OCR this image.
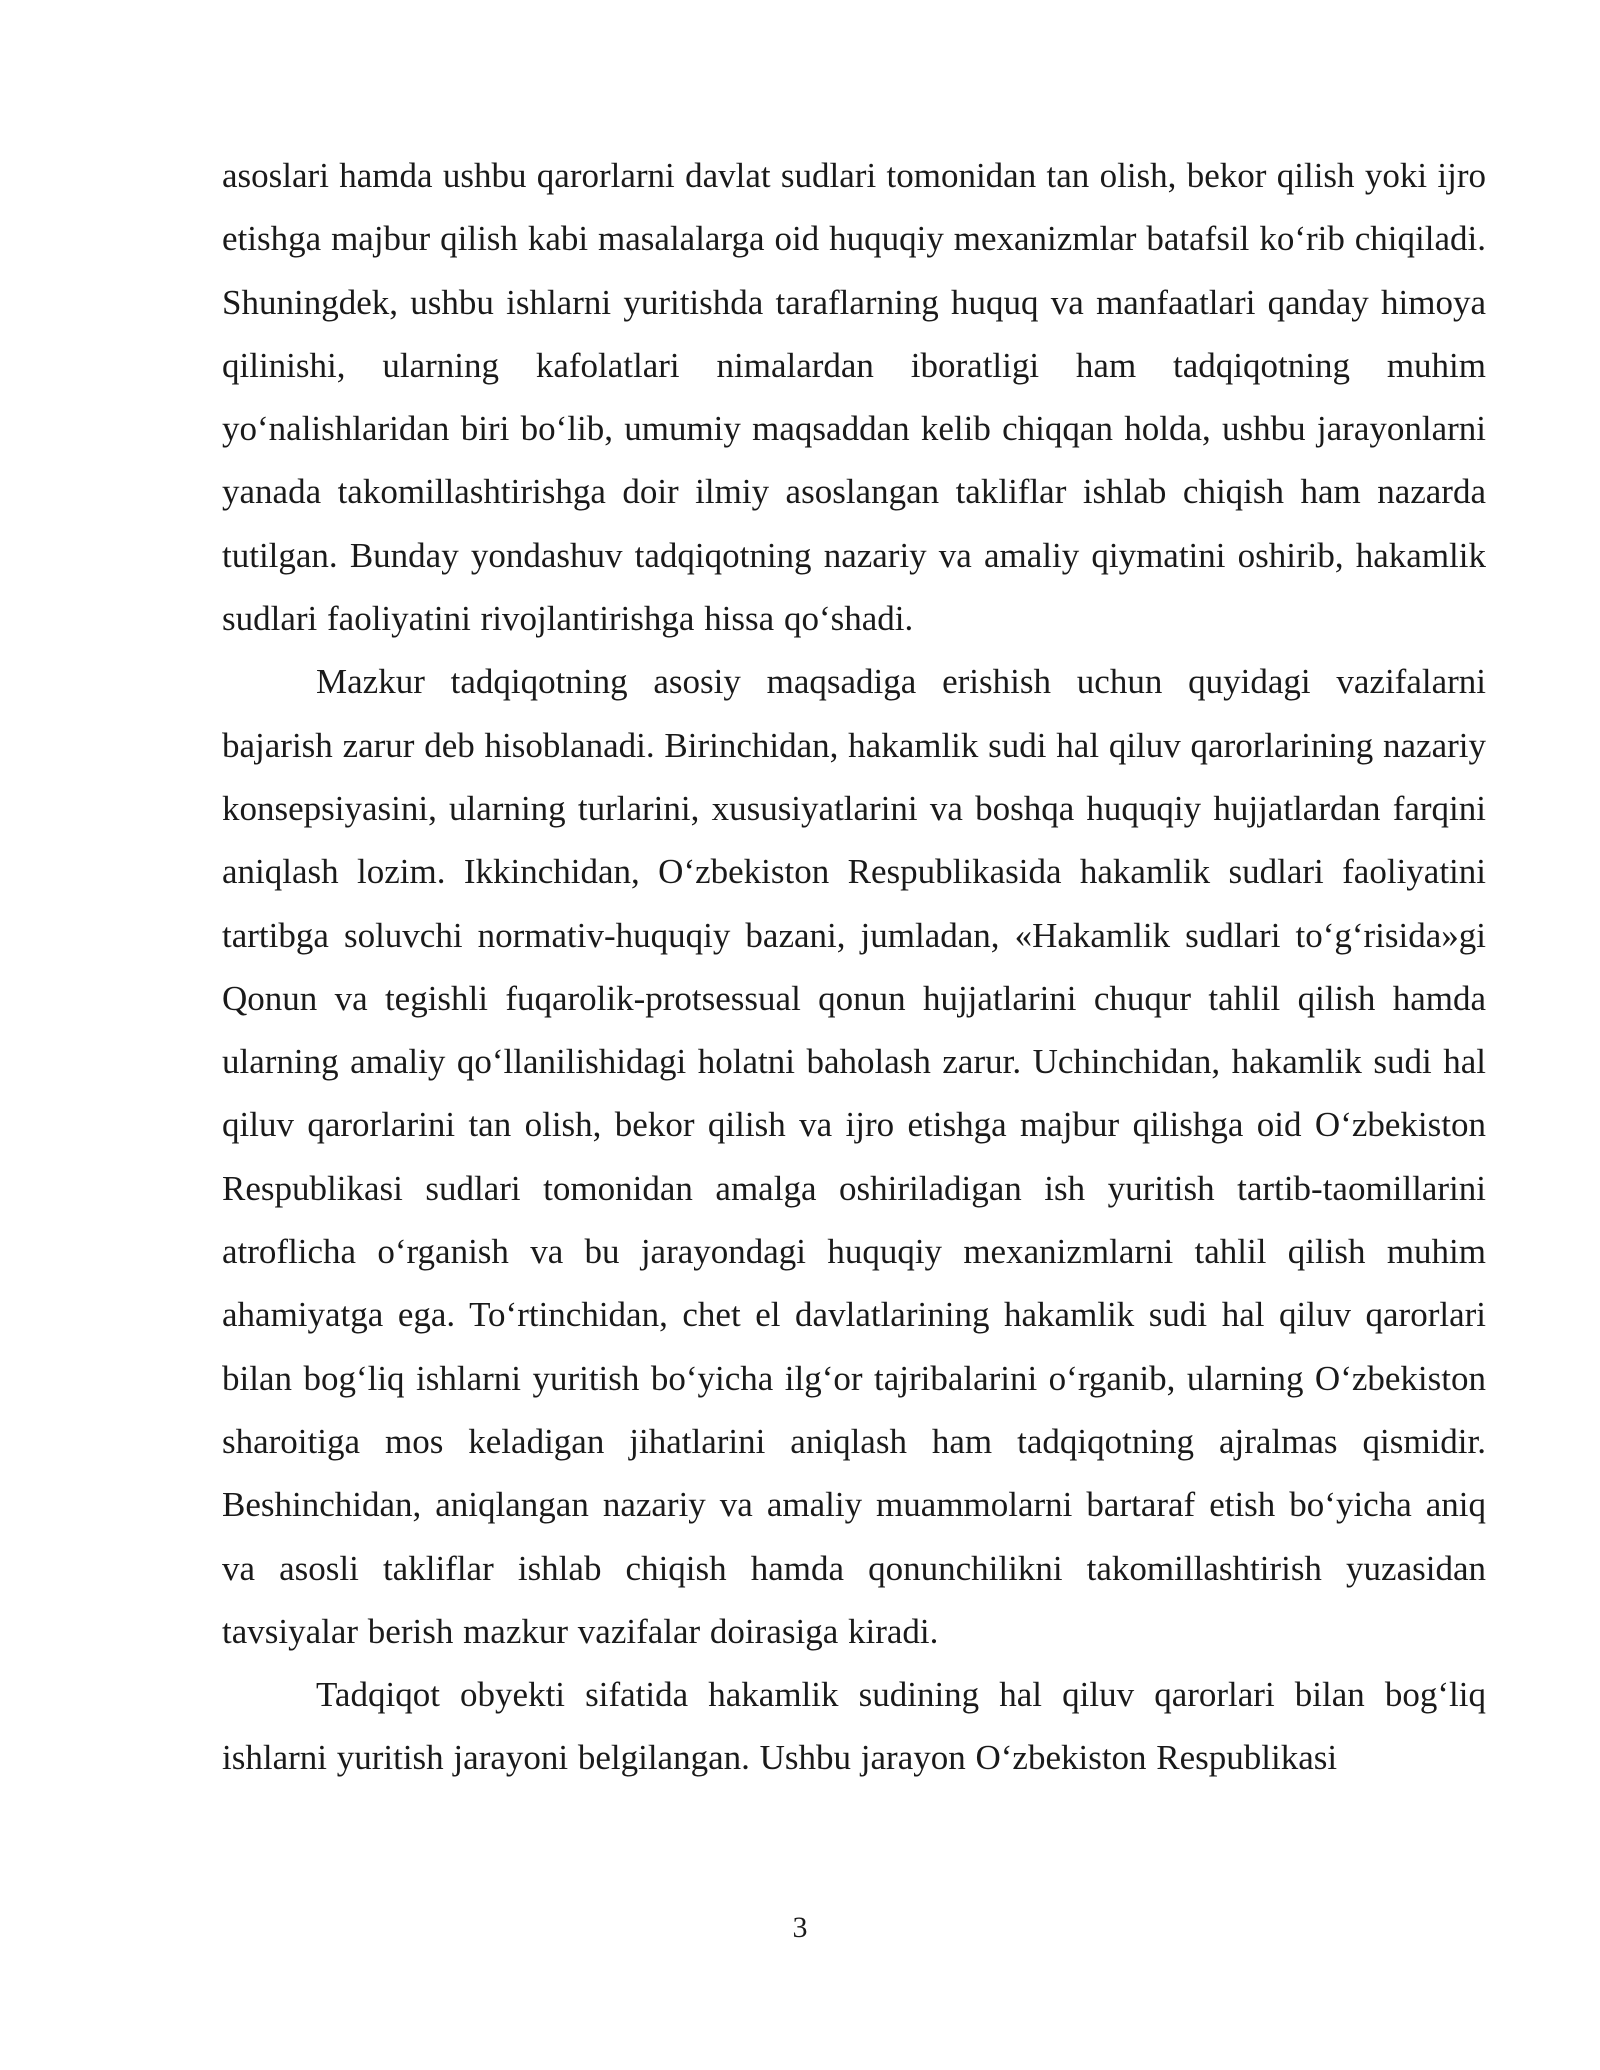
asoslari hamda ushbu qarorlarni davlat sudlari tomonidan tan olish, bekor qilish yoki ijro etishga majbur qilish kabi masalalarga oid huquqiy mexanizmlar batafsil ko‘rib chiqiladi. Shuningdek, ushbu ishlarni yuritishda taraflarning huquq va manfaatlari qanday himoya qilinishi, ularning kafolatlari nimalardan iboratligi ham tadqiqotning muhim yo‘nalishlaridan biri bo‘lib, umumiy maqsaddan kelib chiqqan holda, ushbu jarayonlarni yanada takomillashtirishga doir ilmiy asoslangan takliflar ishlab chiqish ham nazarda tutilgan. Bunday yondashuv tadqiqotning nazariy va amaliy qiymatini oshirib, hakamlik sudlari faoliyatini rivojlantirishga hissa qo‘shadi.

Mazkur tadqiqotning asosiy maqsadiga erishish uchun quyidagi vazifalarni bajarish zarur deb hisoblanadi. Birinchidan, hakamlik sudi hal qiluv qarorlarining nazariy konsepsiyasini, ularning turlarini, xususiyatlarini va boshqa huquqiy hujjatlardan farqini aniqlash lozim. Ikkinchidan, O‘zbekiston Respublikasida hakamlik sudlari faoliyatini tartibga soluvchi normativ-huquqiy bazani, jumladan, «Hakamlik sudlari to‘g‘risida»gi Qonun va tegishli fuqarolik-protsessual qonun hujjatlarini chuqur tahlil qilish hamda ularning amaliy qo‘llanilishidagi holatni baholash zarur. Uchinchidan, hakamlik sudi hal qiluv qarorlarini tan olish, bekor qilish va ijro etishga majbur qilishga oid O‘zbekiston Respublikasi sudlari tomonidan amalga oshiriladigan ish yuritish tartib-taomillarini atroflicha o‘rganish va bu jarayondagi huquqiy mexanizmlarni tahlil qilish muhim ahamiyatga ega. To‘rtinchidan, chet el davlatlarining hakamlik sudi hal qiluv qarorlari bilan bog‘liq ishlarni yuritish bo‘yicha ilg‘or tajribalarini o‘rganib, ularning O‘zbekiston sharoitiga mos keladigan jihatlarini aniqlash ham tadqiqotning ajralmas qismidir. Beshinchidan, aniqlangan nazariy va amaliy muammolarni bartaraf etish bo‘yicha aniq va asosli takliflar ishlab chiqish hamda qonunchilikni takomillashtirish yuzasidan tavsiyalar berish mazkur vazifalar doirasiga kiradi.

Tadqiqot obyekti sifatida hakamlik sudining hal qiluv qarorlari bilan bog‘liq ishlarni yuritish jarayoni belgilangan. Ushbu jarayon O‘zbekiston Respublikasi

3
